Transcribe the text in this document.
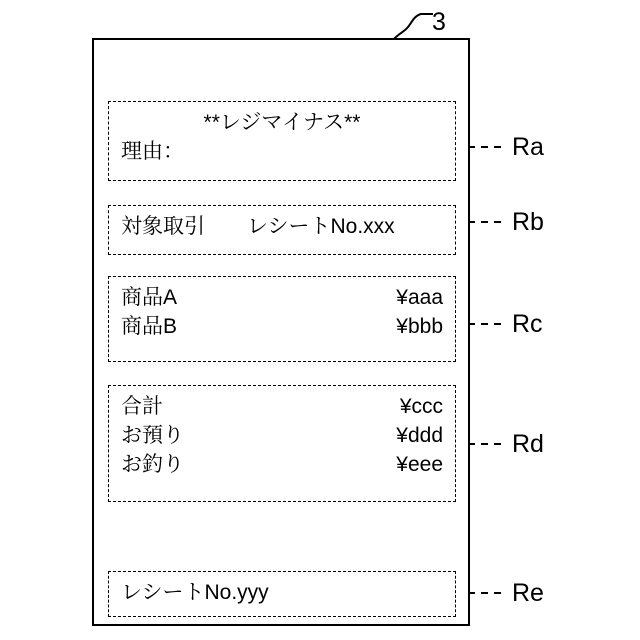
3
**レジマイナス**
理由：
対象取引 レシートNo.xxx
商品A	¥aaa
商品B	¥bbb
合計	¥ccc
お預り	¥ddd
お釣り	¥eee
レシートNo.yyy
Ra
Rb
Rc
Rd
Re
